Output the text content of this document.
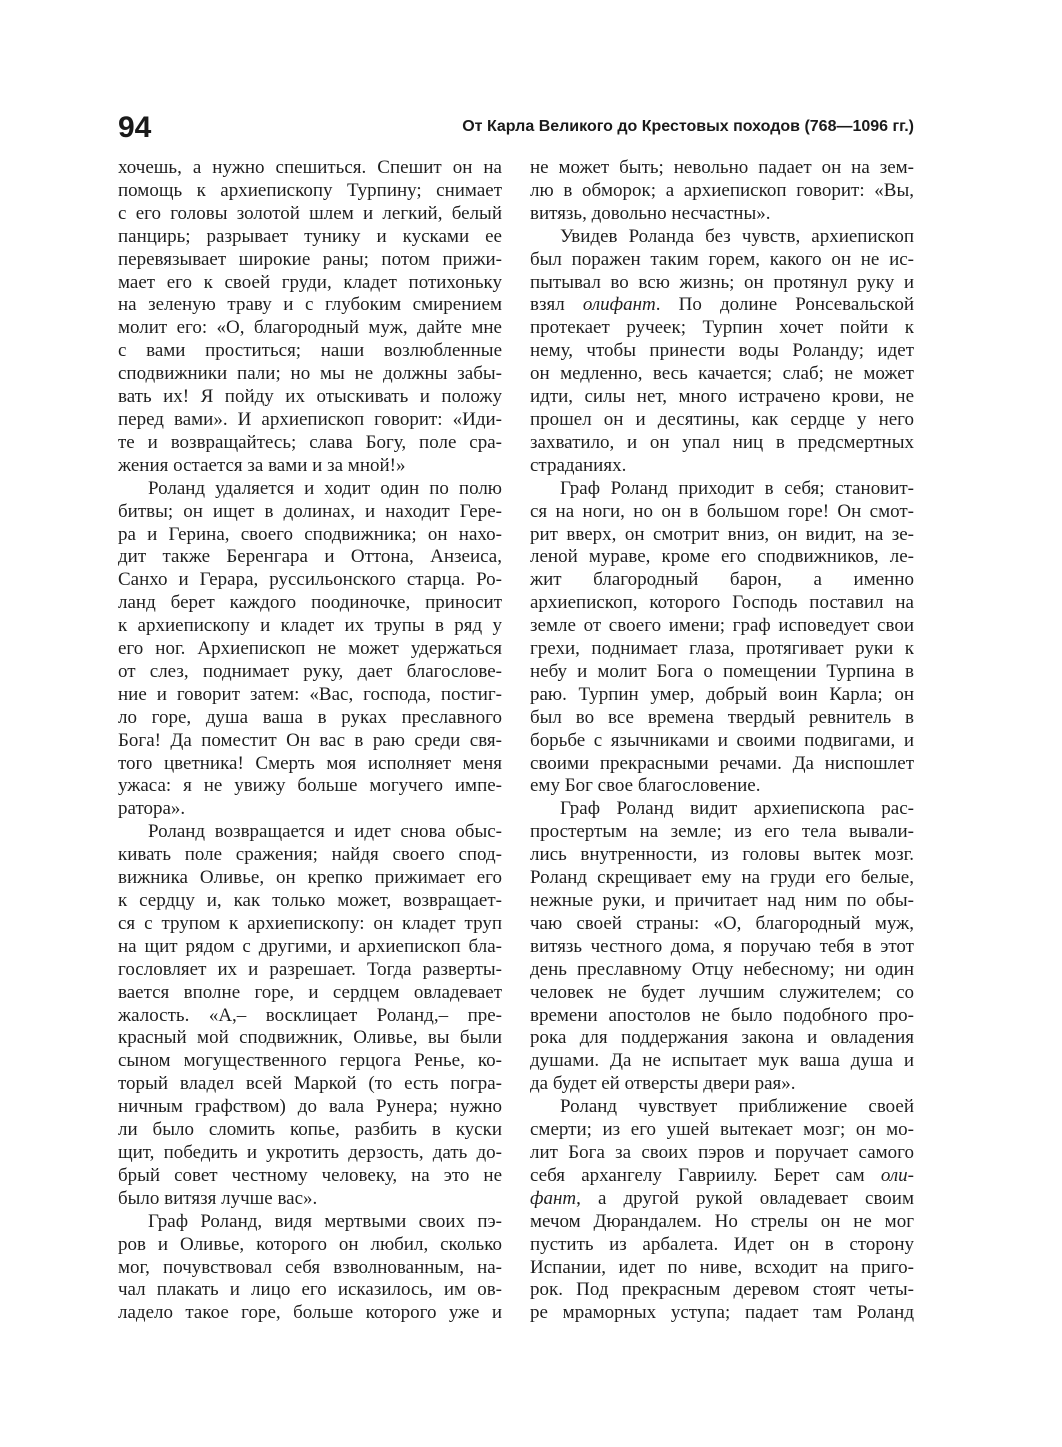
94	От Карла Великого до Крестовых походов (768—1096 гг.)
хочешь, а нужно спешиться. Спешит он на
помощь к архиепископу Турпину; снимает
с его головы золотой шлем и легкий, белый
панцирь; разрывает тунику и кусками ее
перевязывает широкие раны; потом прижи-
мает его к своей груди, кладет потихоньку
на зеленую траву и с глубоким смирением
молит его: «О, благородный муж, дайте мне
с вами проститься; наши возлюбленные
сподвижники пали; но мы не должны забы-
вать их! Я пойду их отыскивать и положу
перед вами». И архиепископ говорит: «Иди-
те и возвращайтесь; слава Богу, поле сра-
жения остается за вами и за мной!»
Роланд удаляется и ходит один по полю
битвы; он ищет в долинах, и находит Гере-
ра и Герина, своего сподвижника; он нахо-
дит также Беренгара и Оттона, Анзеиса,
Санхо и Герара, руссильонского старца. Ро-
ланд берет каждого поодиночке, приносит
к архиепископу и кладет их трупы в ряд у
его ног. Архиепископ не может удержаться
от слез, поднимает руку, дает благослове-
ние и говорит затем: «Вас, господа, постиг-
ло горе, душа ваша в руках преславного
Бога! Да поместит Он вас в раю среди свя-
того цветника! Смерть моя исполняет меня
ужаса: я не увижу больше могучего импе-
ратора».
Роланд возвращается и идет снова обыс-
кивать поле сражения; найдя своего спод-
вижника Оливье, он крепко прижимает его
к сердцу и, как только может, возвращает-
ся с трупом к архиепископу: он кладет труп
на щит рядом с другими, и архиепископ бла-
гословляет их и разрешает. Тогда разверты-
вается вполне горе, и сердцем овладевает
жалость. «А,– восклицает Роланд,– пре-
красный мой сподвижник, Оливье, вы были
сыном могущественного герцога Ренье, ко-
торый владел всей Маркой (то есть погра-
ничным графством) до вала Рунера; нужно
ли было сломить копье, разбить в куски
щит, победить и укротить дерзость, дать до-
брый совет честному человеку, на это не
было витязя лучше вас».
Граф Роланд, видя мертвыми своих пэ-
ров и Оливье, которого он любил, сколько
мог, почувствовал себя взволнованным, на-
чал плакать и лицо его исказилось, им ов-
ладело такое горе, больше которого уже и
не может быть; невольно падает он на зем-
лю в обморок; а архиепископ говорит: «Вы,
витязь, довольно несчастны».
Увидев Роланда без чувств, архиепископ
был поражен таким горем, какого он не ис-
пытывал во всю жизнь; он протянул руку и
взял олифант. По долине Ронсевальской
протекает ручеек; Турпин хочет пойти к
нему, чтобы принести воды Роланду; идет
он медленно, весь качается; слаб; не может
идти, силы нет, много истрачено крови, не
прошел он и десятины, как сердце у него
захватило, и он упал ниц в предсмертных
страданиях.
Граф Роланд приходит в себя; становит-
ся на ноги, но он в большом горе! Он смот-
рит вверх, он смотрит вниз, он видит, на зе-
леной мураве, кроме его сподвижников, ле-
жит благородный барон, а именно
архиепископ, которого Господь поставил на
земле от своего имени; граф исповедует свои
грехи, поднимает глаза, протягивает руки к
небу и молит Бога о помещении Турпина в
раю. Турпин умер, добрый воин Карла; он
был во все времена твердый ревнитель в
борьбе с язычниками и своими подвигами, и
своими прекрасными речами. Да ниспошлет
ему Бог свое благословение.
Граф Роланд видит архиепископа рас-
простертым на земле; из его тела вывали-
лись внутренности, из головы вытек мозг.
Роланд скрещивает ему на груди его белые,
нежные руки, и причитает над ним по обы-
чаю своей страны: «О, благородный муж,
витязь честного дома, я поручаю тебя в этот
день преславному Отцу небесному; ни один
человек не будет лучшим служителем; со
времени апостолов не было подобного про-
рока для поддержания закона и овладения
душами. Да не испытает мук ваша душа и
да будет ей отверсты двери рая».
Роланд чувствует приближение своей
смерти; из его ушей вытекает мозг; он мо-
лит Бога за своих пэров и поручает самого
себя архангелу Гавриилу. Берет сам оли-
фант, а другой рукой овладевает своим
мечом Дюрандалем. Но стрелы он не мог
пустить из арбалета. Идет он в сторону
Испании, идет по ниве, всходит на приго-
рок. Под прекрасным деревом стоят четы-
ре мраморных уступа; падает там Роланд
